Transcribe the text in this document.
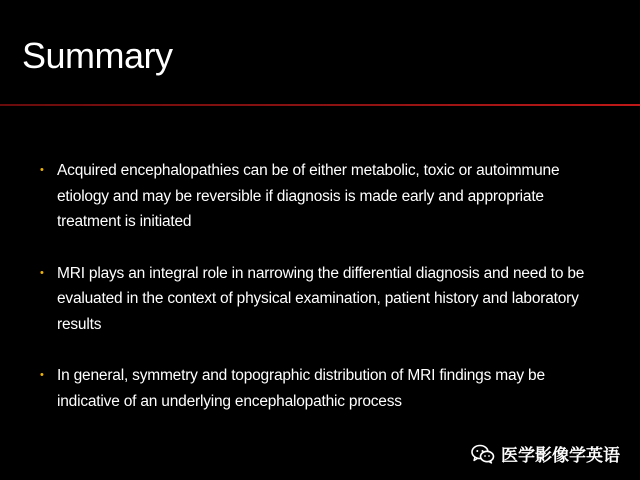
Summary
• Acquired encephalopathies can be of either metabolic, toxic or autoimmune
etiology and may be reversible if diagnosis is made early and appropriate
treatment is initiated
• MRI plays an integral role in narrowing the differential diagnosis and need to be
evaluated in the context of physical examination, patient history and laboratory
results
• In general, symmetry and topographic distribution of MRI findings may be
indicative of an underlying encephalopathic process
医学影像学英语
